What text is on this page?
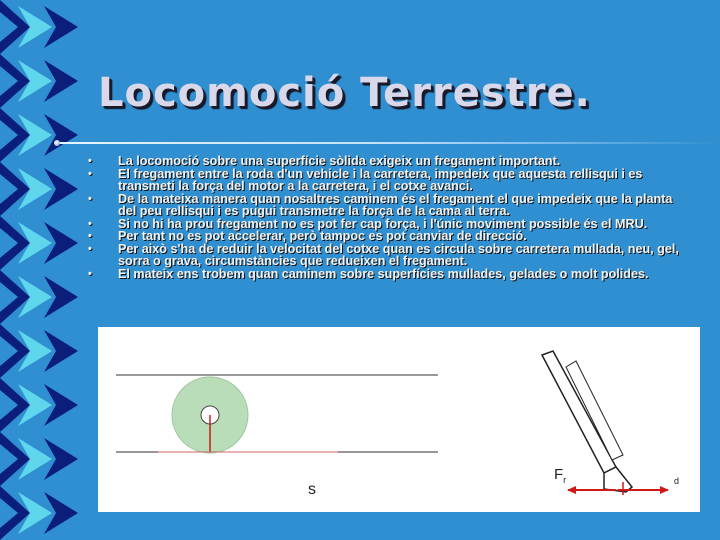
Locomoció Terrestre.
• La locomoció sobre una superfície sòlida exigeix un fregament important.
• El fregament entre la roda d'un vehicle i la carretera, impedeix que aquesta rellisqui i es transmeti la força del motor a la carretera, i el cotxe avanci.
• De la mateixa manera quan nosaltres caminem és el fregament el que impedeix que la planta del peu rellisqui i es pugui transmetre la força de la cama al terra.
• Si no hi ha prou fregament no es pot fer cap força, i l'únic moviment possible és el MRU.
• Per tant no es pot accelerar, però tampoc es pot canviar de direcció.
• Per això s'ha de reduir la velocitat del cotxe quan es circula sobre carretera mullada, neu, gel, sorra o grava, circumstàncies que redueixen el fregament.
• El mateix ens trobem quan caminem sobre superfícies mullades, gelades o molt polides.
s
$F_r$	d
